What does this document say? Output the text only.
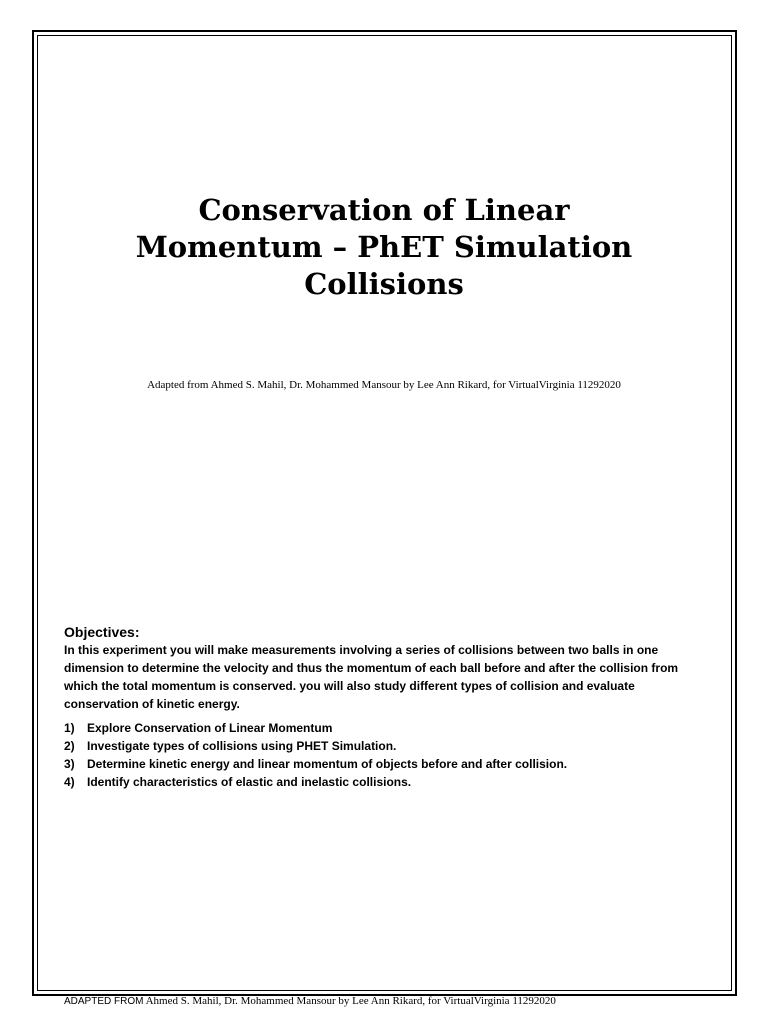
Conservation of Linear
Momentum – PhET Simulation
Collisions
Adapted from Ahmed S. Mahil, Dr. Mohammed Mansour by Lee Ann Rikard, for VirtualVirginia 11292020

Objectives:

In this experiment you will make measurements involving a series of collisions between two balls in one dimension to determine the velocity and thus the momentum of each ball before and after the collision from which the total momentum is conserved. you will also study different types of collision and evaluate conservation of kinetic energy.

1)	Explore Conservation of Linear Momentum
2)	Investigate types of collisions using PHET Simulation.
3)	Determine kinetic energy and linear momentum of objects before and after collision.
4)	Identify characteristics of elastic and inelastic collisions.
ADAPTED FROM Ahmed S. Mahil, Dr. Mohammed Mansour by Lee Ann Rikard, for VirtualVirginia 11292020
